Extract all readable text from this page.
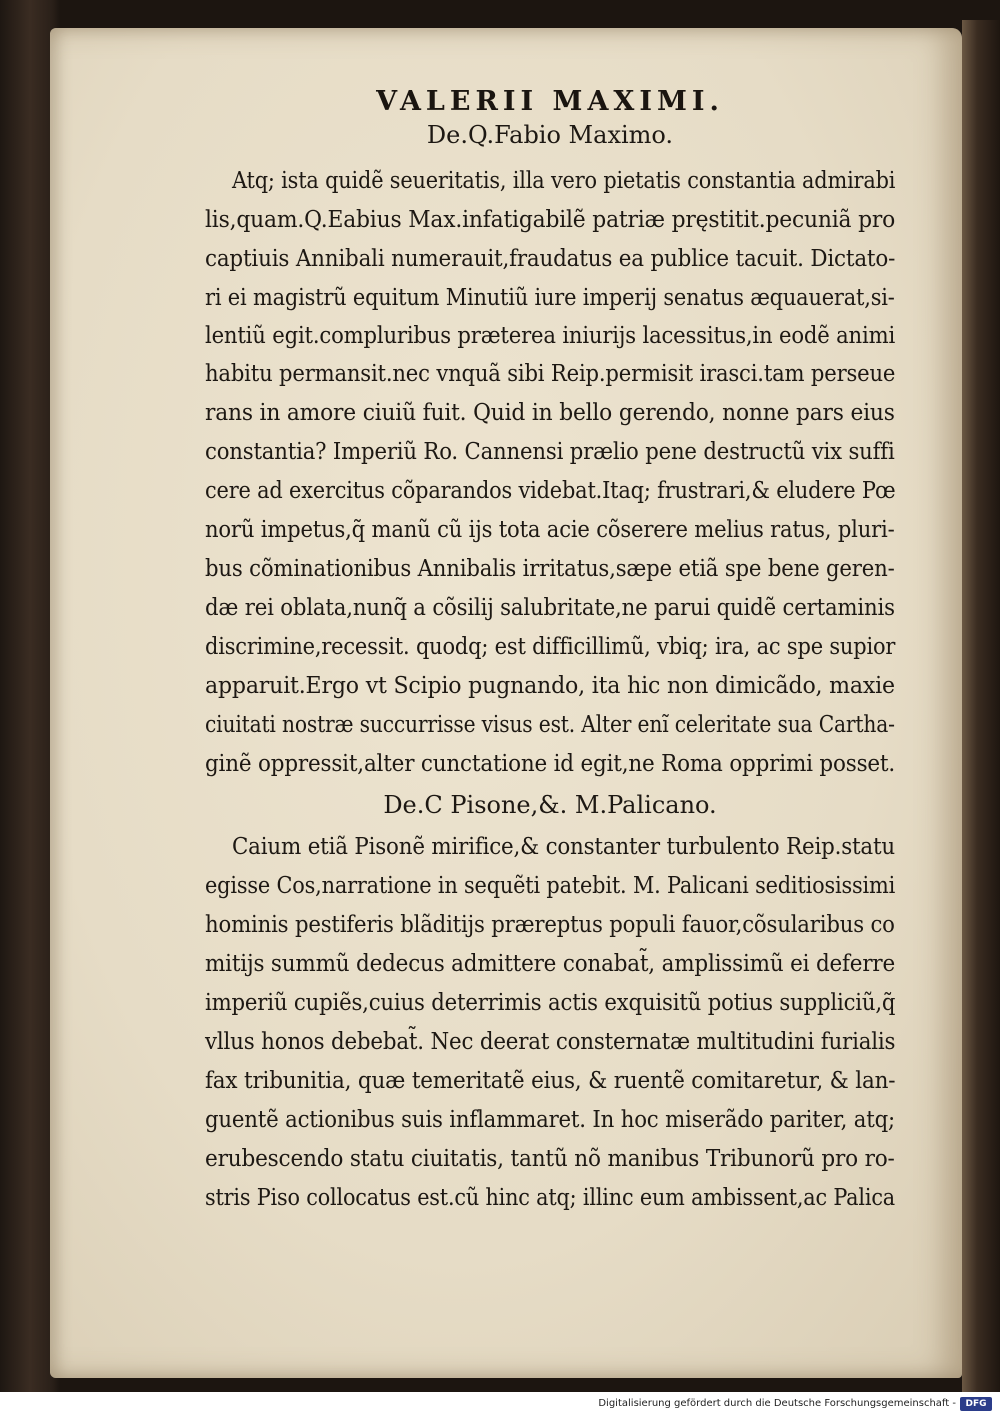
VALERII MAXIMI.
De.Q.Fabio Maximo.
Atq; ista quidẽ seueritatis, illa vero pietatis constantia admirabi
lis,quam.Q.Eabius Max.infatigabilẽ patriæ pręstitit.pecuniã pro
captiuis Annibali numerauit,fraudatus ea publice tacuit. Dictato-
ri ei magistrũ equitum Minutiũ iure imperij senatus æquauerat,si-
lentiũ egit.compluribus prætereа iniurijs lacessitus,in eodẽ animi
habitu permansit.nec vnquã sibi Reip.permisit irasci.tam perseue
rans in amore ciuiũ fuit. Quid in bello gerendo, nonne pars eius
constantia? Imperiũ Ro. Cannensi prælio pene destructũ vix suffi
cere ad exercitus cõparandos videbat.Itaq; frustrari,& eludere Pœ
norũ impetus,q̃ manũ cũ ijs tota acie cõserere melius ratus, pluri-
bus cõminationibus Annibalis irritatus,sæpe etiã spe bene geren-
dæ rei oblata,nunq̃ a cõsilij salubritate,ne parui quidẽ certaminis
discrimine,recessit. quodq; est difficillimũ, vbiq; ira, ac spe supior
apparuit.Ergo vt Scipio pugnando, ita hic non dimicãdo, maxie
ciuitati nostræ succurrisse visus est. Alter enĩ celeritate sua Cartha-
ginẽ oppressit,alter cunctatione id egit,ne Roma opprimi posset.
De.C Pisone,&. M.Palicano.
Caium etiã Pisonẽ mirifice,& constanter turbulento Reip.statu
egisse Cos,narratione in sequẽti patebit. M. Palicani seditiosissimi
hominis pestiferis blãditijs præreptus populi fauor,cõsularibus co
mitijs summũ dedecus admittere conabat̃, amplissimũ ei deferre
imperiũ cupiẽs,cuius deterrimis actis exquisitũ potius suppliciũ,q̃
vllus honos debebat̃. Nec deerat consternatæ multitudini furialis
fax tribunitia, quæ temeritatẽ eius, & ruentẽ comitaretur, & lan-
guentẽ actionibus suis inflammaret. In hoc miserãdo pariter, atq;
erubescendo statu ciuitatis, tantũ nõ manibus Tribunorũ pro ro-
stris Piso collocatus est.cũ hinc atq; illinc eum ambissent,ac Palica
Digitalisierung gefördert durch die Deutsche Forschungsgemeinschaft -	DFG
